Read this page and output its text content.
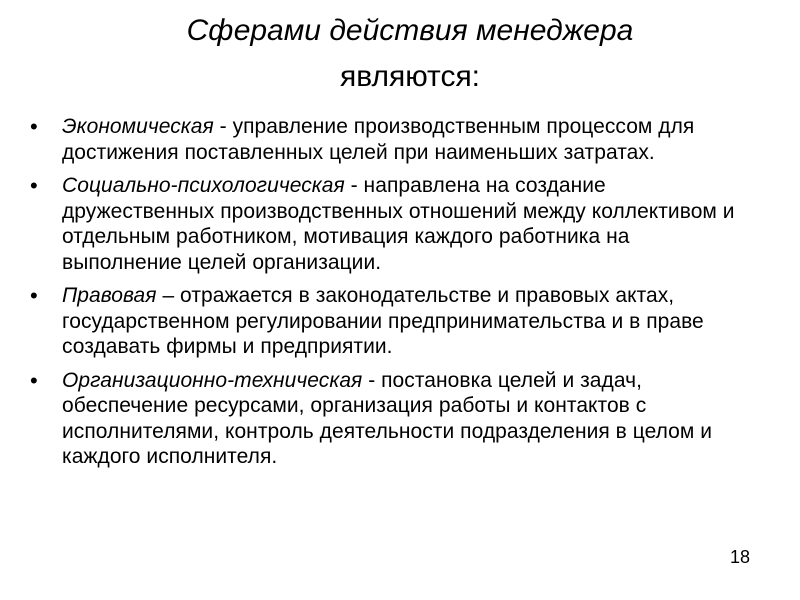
Сферами действия менеджера
являются:
• Экономическая - управление производственным процессом для достижения поставленных целей при наименьших затратах.
• Социально-психологическая - направлена на создание дружественных производственных отношений между коллективом и отдельным работником, мотивация каждого работника на выполнение целей организации.
• Правовая – отражается в законодательстве и правовых актах, государственном регулировании предпринимательства и в праве создавать фирмы и предприятии.
• Организационно-техническая - постановка целей и задач, обеспечение ресурсами, организация работы и контактов с исполнителями, контроль деятельности подразделения в целом и каждого исполнителя.
18
